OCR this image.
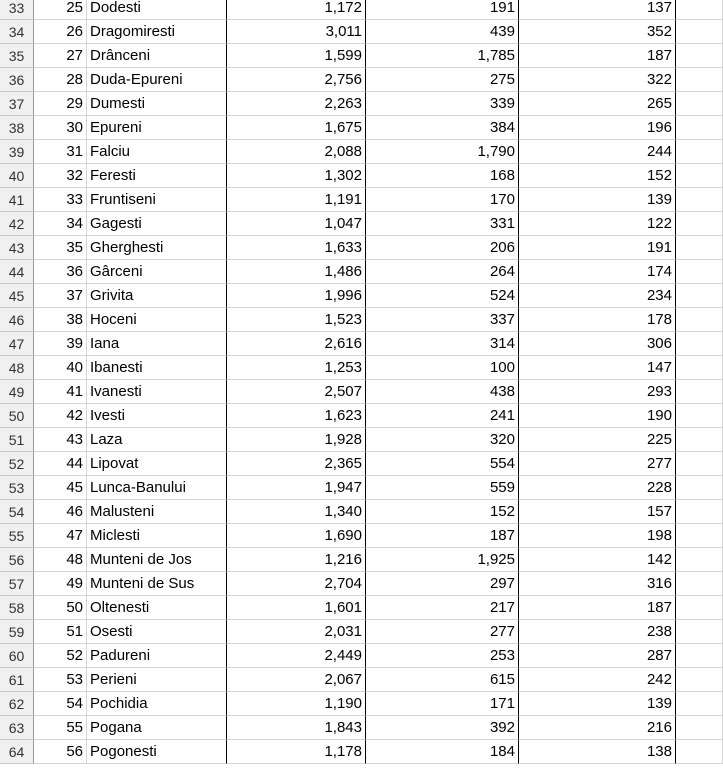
33	25 Dodesti	1,172	191	137
34	26 Dragomiresti	3,011	439	352
35	27 Drânceni	1,599	1,785	187
36	28 Duda-Epureni	2,756	275	322
37	29 Dumesti	2,263	339	265
38	30 Epureni	1,675	384	196
39	31 Falciu	2,088	1,790	244
40	32 Feresti	1,302	168	152
41	33 Fruntiseni	1,191	170	139
42	34 Gagesti	1,047	331	122
43	35 Gherghesti	1,633	206	191
44	36 Gârceni	1,486	264	174
45	37 Grivita	1,996	524	234
46	38 Hoceni	1,523	337	178
47	39 Iana	2,616	314	306
48	40 Ibanesti	1,253	100	147
49	41 Ivanesti	2,507	438	293
50	42 Ivesti	1,623	241	190
51	43 Laza	1,928	320	225
52	44 Lipovat	2,365	554	277
53	45 Lunca-Banului	1,947	559	228
54	46 Malusteni	1,340	152	157
55	47 Miclesti	1,690	187	198
56	48 Munteni de Jos	1,216	1,925	142
57	49 Munteni de Sus	2,704	297	316
58	50 Oltenesti	1,601	217	187
59	51 Osesti	2,031	277	238
60	52 Padureni	2,449	253	287
61	53 Perieni	2,067	615	242
62	54 Pochidia	1,190	171	139
63	55 Pogana	1,843	392	216
64	56 Pogonesti	1,178	184	138
